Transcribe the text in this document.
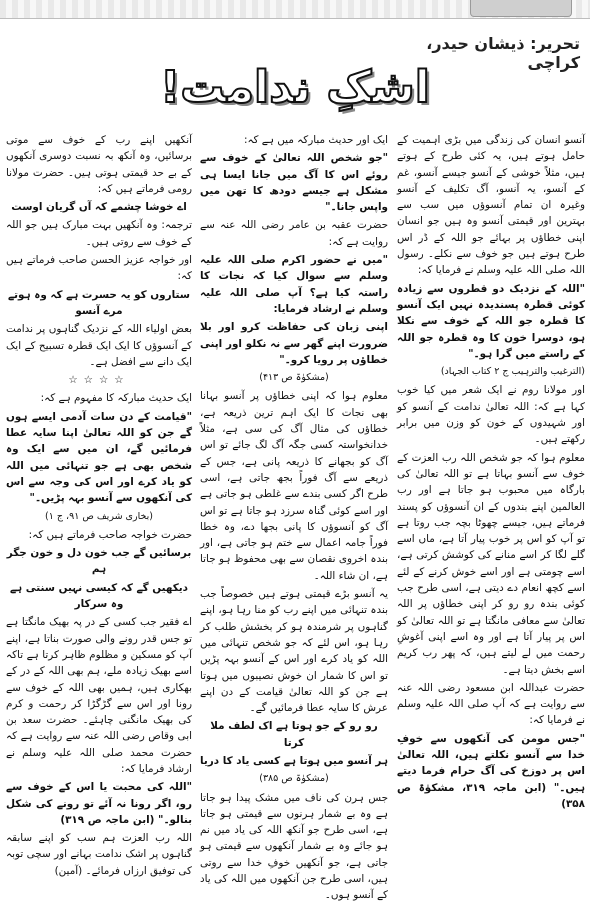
تحریر: ذیشان حیدر، کراچی
اشکِ ندامت!

آنسو انسان کی زندگی میں بڑی اہمیت کے حامل ہوتے ہیں، یہ کئی طرح کے ہوتے ہیں، مثلاً خوشی کے آنسو جیسے آنسو، غم کے آنسو، یہ آنسو، آگ تکلیف کے آنسو وغیرہ ان تمام آنسوؤں میں سب سے بہترین اور قیمتی آنسو وہ ہیں جو انسان اپنی خطاؤں پر بہائے جو اللہ کے ڈر اس طرح ہوتے ہیں جو خوف سے نکلے۔ رسول اللہ صلی اللہ علیہ وسلم نے فرمایا کہ:

"اللہ کے نزدیک دو قطروں سے زیادہ کوئی قطرہ پسندیدہ نہیں ایک آنسو کا قطرہ جو اللہ کے خوف سے نکلا ہو، دوسرا خون کا وہ قطرہ جو اللہ کے راستے میں گرا ہو۔"

(الترغیب والترہیب ج ۲ کتاب الجہاد)

اور مولانا روم نے ایک شعر میں کیا خوب کہا ہے کہ: اللہ تعالیٰ ندامت کے آنسو کو اور شہیدوں کے خون کو وزن میں برابر رکھتے ہیں۔

معلوم ہوا کہ جو شخص اللہ رب العزت کے خوف سے آنسو بہاتا ہے تو اللہ تعالیٰ کی بارگاہ میں محبوب ہو جاتا ہے اور رب العالمین اپنے بندوں کے ان آنسوؤں کو پسند فرماتے ہیں، جیسے چھوٹا بچہ جب روتا ہے تو آپ کو اس پر خوب پیار آتا ہے، ماں اسے گلے لگا کر اسے منانے کی کوشش کرتی ہے، اسے چومتی ہے اور اسے خوش کرنے کے لئے اسے کچھ انعام دے دیتی ہے، اسی طرح جب کوئی بندہ رو رو کر اپنی خطاؤں پر اللہ تعالیٰ سے معافی مانگتا ہے تو اللہ تعالیٰ کو اس پر پیار آتا ہے اور وہ اسے اپنی آغوشِ رحمت میں لے لیتے ہیں، کہ پھر رب کریم اسے بخش دیتا ہے۔

حضرت عبداللہ ابن مسعود رضی اللہ عنہ سے روایت ہے کہ آپ صلی اللہ علیہ وسلم نے فرمایا کہ:

"جس مومن کی آنکھوں سے خوفِ خدا سے آنسو نکلتے ہیں، اللہ تعالیٰ اس پر دوزخ کی آگ حرام فرما دیتے ہیں۔" (ابن ماجہ ۳۱۹، مشکوٰۃ ص ۳۵۸)

ایک اور حدیث مبارکہ میں ہے کہ:

"جو شخص اللہ تعالیٰ کے خوف سے روئے اس کا آگ میں جانا ایسا ہی مشکل ہے جیسے دودھ کا تھن میں واپس جانا۔"

حضرت عقبہ بن عامر رضی اللہ عنہ سے روایت ہے کہ:

"میں نے حضور اکرم صلی اللہ علیہ وسلم سے سوال کیا کہ نجات کا راستہ کیا ہے؟ آپ صلی اللہ علیہ وسلم نے ارشاد فرمایا:

اپنی زبان کی حفاظت کرو اور بلا ضرورت اپنے گھر سے نہ نکلو اور اپنی خطاؤں پر رویا کرو۔"

(مشکوٰۃ ص ۴۱۳)

معلوم ہوا کہ اپنی خطاؤں پر آنسو بہانا بھی نجات کا ایک اہم ترین ذریعہ ہے، خطاؤں کی مثال آگ کی سی ہے، مثلاً خدانخواستہ کسی جگہ آگ لگ جائے تو اس آگ کو بجھانے کا ذریعہ پانی ہے، جس کے ذریعے سے آگ فوراً بجھ جاتی ہے، اسی طرح اگر کسی بندے سے غلطی ہو جاتی ہے اور اسے کوئی گناہ سرزد ہو جاتا ہے تو اس آگ کو آنسوؤں کا پانی بجھا دے، وہ خطا فوراً جامہ اعمال سے ختم ہو جاتی ہے، اور بندہ اخروی نقصان سے بھی محفوظ ہو جاتا ہے، ان شاء اللہ۔

یہ آنسو بڑے قیمتی ہوتے ہیں خصوصاً جب بندہ تنہائی میں اپنے رب کو منا رہا ہو، اپنے گناہوں پر شرمندہ ہو کر بخشش طلب کر رہا ہو، اس لئے کہ جو شخص تنہائی میں اللہ کو یاد کرے اور اس کے آنسو بہہ پڑیں تو اس کا شمار ان خوش نصیبوں میں ہوتا ہے جن کو اللہ تعالیٰ قیامت کے دن اپنے عرش کا سایہ عطا فرمائیں گے۔

رو رو کے جو ہوتا ہے اک لطف ملا کرتا

ہر آنسو میں ہوتا ہے کسی یاد کا دریا

(مشکوٰۃ ص ۳۸۵)

جس ہرن کی ناف میں مشک پیدا ہو جاتا ہے وہ بے شمار ہرنوں سے قیمتی ہو جاتا ہے، اسی طرح جو آنکھ اللہ کی یاد میں نم ہو جائے وہ بے شمار آنکھوں سے قیمتی ہو جاتی ہے، جو آنکھیں خوفِ خدا سے روتی ہیں، اسی طرح جن آنکھوں میں اللہ کی یاد کے آنسو ہوں۔

آنکھیں اپنے رب کے خوف سے موتی برسائیں، وہ آنکھ بہ نسبت دوسری آنکھوں کے بے حد قیمتی ہوتی ہیں۔ حضرت مولانا رومی فرماتے ہیں کہ:

اے خوشا چشمے کہ آں گریان اوست

ترجمہ: وہ آنکھیں بہت مبارک ہیں جو اللہ کے خوف سے روتی ہیں۔

اور خواجہ عزیز الحسن صاحب فرماتے ہیں کہ:

ستاروں کو یہ حسرت ہے کہ وہ ہوتے مرے آنسو

بعض اولیاء اللہ کے نزدیک گناہوں پر ندامت کے آنسوؤں کا ایک ایک قطرہ تسبیح کے ایک ایک دانے سے افضل ہے۔

☆☆☆☆

ایک حدیث مبارکہ کا مفہوم ہے کہ:

"قیامت کے دن سات آدمی ایسے ہوں گے جن کو اللہ تعالیٰ اپنا سایہ عطا فرمائیں گے، ان میں سے ایک وہ شخص بھی ہے جو تنہائی میں اللہ کو یاد کرے اور اس کی وجہ سے اس کی آنکھوں سے آنسو بہہ پڑیں۔"

(بخاری شریف ص ۹۱، ج ۱)

حضرت خواجہ صاحب فرماتے ہیں کہ:

برسائیں گے جب خون دل و خون جگر ہم

دیکھیں گے کہ کیسی نہیں سنتی ہے وہ سرکار

اے فقیر جب کسی کے در پہ بھیک مانگتا ہے تو جس قدر رونے والی صورت بناتا ہے، اپنے آپ کو مسکین و مظلوم ظاہر کرتا ہے تاکہ اسے بھیک زیادہ ملے، ہم بھی اللہ کے در کے بھکاری ہیں، ہمیں بھی اللہ کے خوف سے رونا اور اس سے گڑگڑا کر رحمت و کرم کی بھیک مانگنی چاہئے۔ حضرت سعد بن ابی وقاص رضی اللہ عنہ سے روایت ہے کہ حضرت محمد صلی اللہ علیہ وسلم نے ارشاد فرمایا کہ:

"اللہ کی محبت یا اس کے خوف سے رو، اگر رونا نہ آئے تو رونے کی شکل بنالو۔" (ابن ماجہ ص ۳۱۹)

اللہ رب العزت ہم سب کو اپنے سابقہ گناہوں پر اشک ندامت بہانے اور سچی توبہ کی توفیق ارزاں فرمائے۔ (آمین)
